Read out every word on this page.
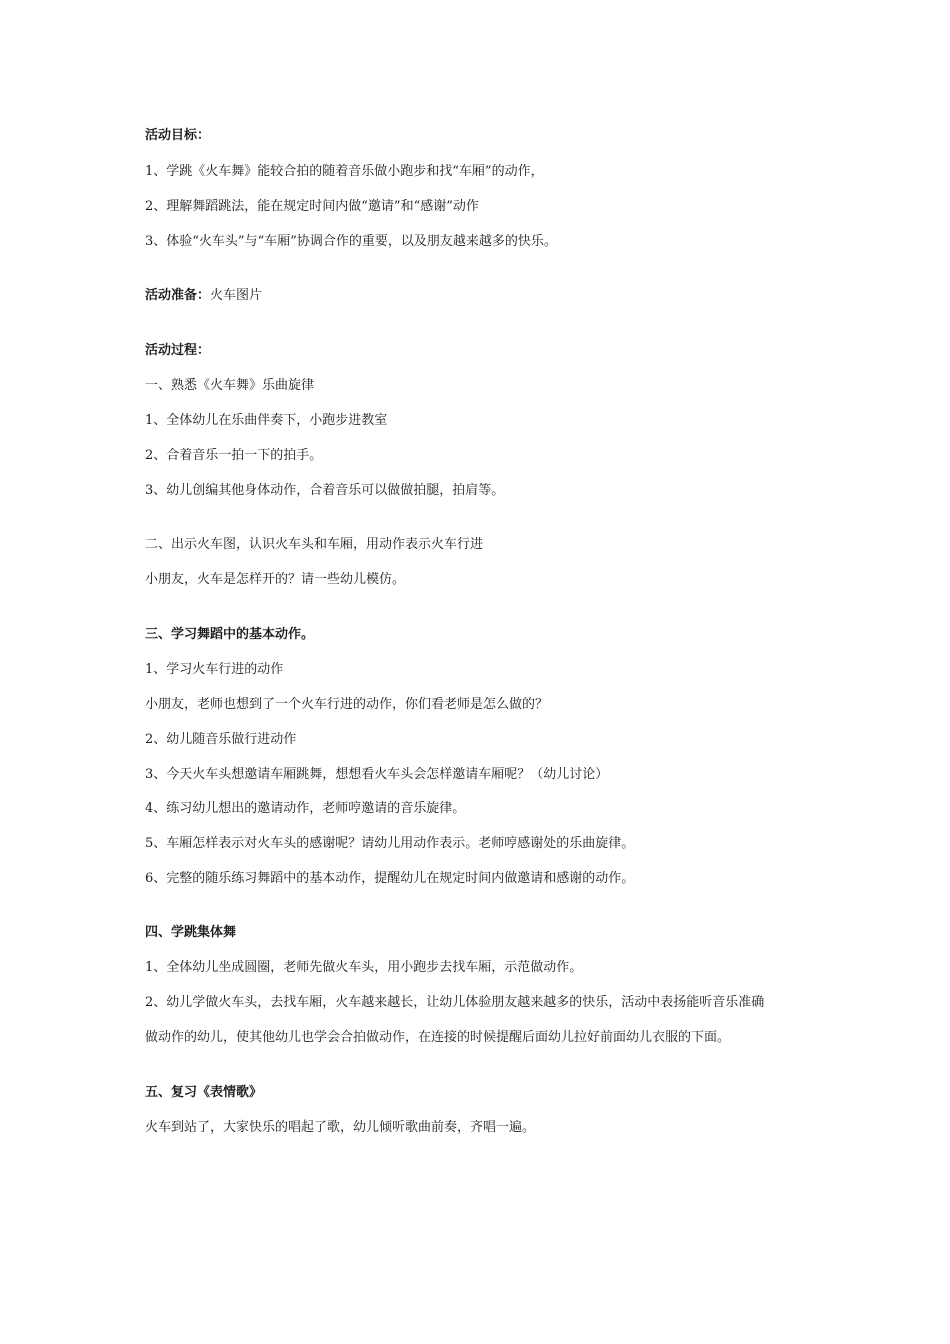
活动目标：
1、学跳《火车舞》能较合拍的随着音乐做小跑步和找“车厢”的动作，
2、理解舞蹈跳法，能在规定时间内做“邀请”和“感谢”动作
3、体验“火车头”与“车厢”协调合作的重要，以及朋友越来越多的快乐。
活动准备：火车图片
活动过程：
一、熟悉《火车舞》乐曲旋律
1、全体幼儿在乐曲伴奏下，小跑步进教室
2、合着音乐一拍一下的拍手。
3、幼儿创编其他身体动作，合着音乐可以做做拍腿，拍肩等。
二、出示火车图，认识火车头和车厢，用动作表示火车行进
小朋友，火车是怎样开的？请一些幼儿模仿。
三、学习舞蹈中的基本动作。
1、学习火车行进的动作
小朋友，老师也想到了一个火车行进的动作，你们看老师是怎么做的？
2、幼儿随音乐做行进动作
3、今天火车头想邀请车厢跳舞，想想看火车头会怎样邀请车厢呢？（幼儿讨论）
4、练习幼儿想出的邀请动作，老师哼邀请的音乐旋律。
5、车厢怎样表示对火车头的感谢呢？请幼儿用动作表示。老师哼感谢处的乐曲旋律。
6、完整的随乐练习舞蹈中的基本动作，提醒幼儿在规定时间内做邀请和感谢的动作。
四、学跳集体舞
1、全体幼儿坐成圆圈，老师先做火车头，用小跑步去找车厢，示范做动作。
2、幼儿学做火车头，去找车厢，火车越来越长，让幼儿体验朋友越来越多的快乐，活动中表扬能听音乐准确
做动作的幼儿，使其他幼儿也学会合拍做动作，在连接的时候提醒后面幼儿拉好前面幼儿衣服的下面。
五、复习《表情歌》
火车到站了，大家快乐的唱起了歌，幼儿倾听歌曲前奏，齐唱一遍。
